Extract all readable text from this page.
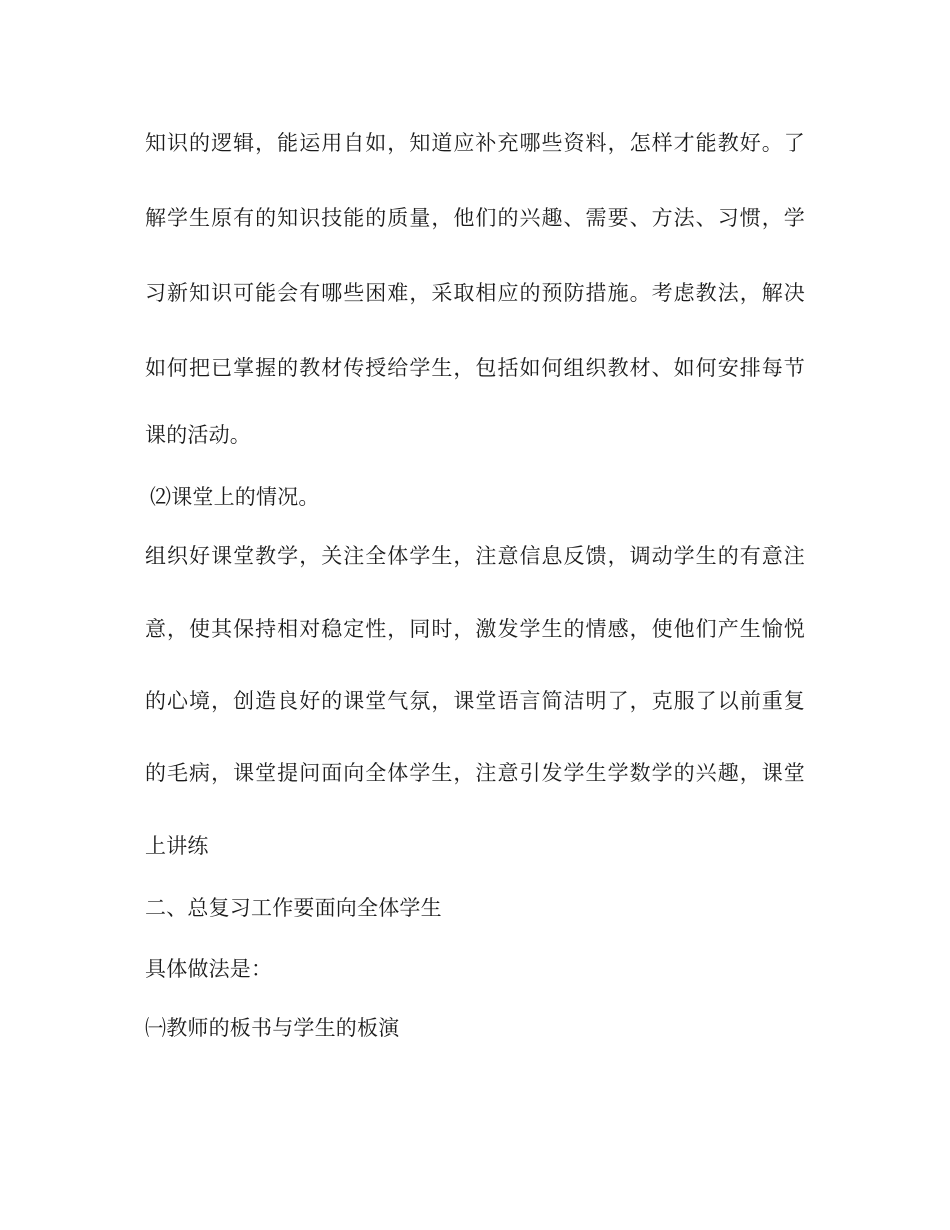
知识的逻辑，能运用自如，知道应补充哪些资料，怎样才能教好。了
解学生原有的知识技能的质量，他们的兴趣、需要、方法、习惯，学
习新知识可能会有哪些困难，采取相应的预防措施。考虑教法，解决
如何把已掌握的教材传授给学生，包括如何组织教材、如何安排每节
课的活动。
⑵课堂上的情况。
组织好课堂教学，关注全体学生，注意信息反馈，调动学生的有意注
意，使其保持相对稳定性，同时，激发学生的情感，使他们产生愉悦
的心境，创造良好的课堂气氛，课堂语言简洁明了，克服了以前重复
的毛病，课堂提问面向全体学生，注意引发学生学数学的兴趣，课堂
上讲练
二、总复习工作要面向全体学生
具体做法是：
㈠教师的板书与学生的板演
